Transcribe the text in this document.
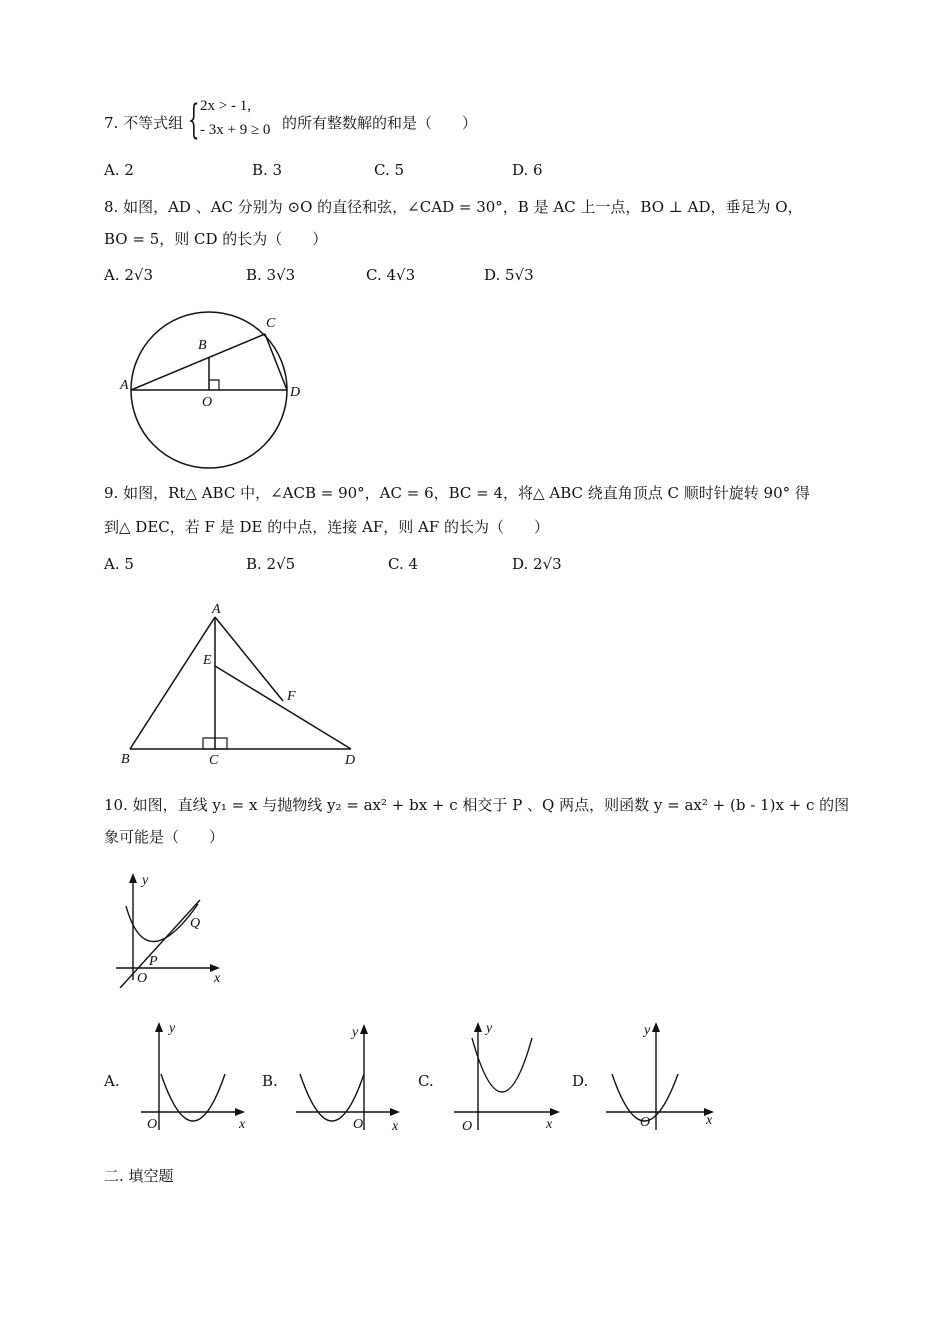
7. 不等式组 { 2x > - 1,
- 3x + 9 ≥ 0 的所有整数解的和是（　　）
A. 2	B. 3	C. 5	D. 6
8. 如图，AD 、AC 分别为 ⊙O 的直径和弦，∠CAD = 30°，B 是 AC 上一点，BO ⊥ AD，垂足为 O，
BO = 5，则 CD 的长为（　　）
A. 2√3	B. 3√3	C. 4√3	D. 5√3
A
B
C
D
O
9. 如图，Rt△ ABC 中，∠ACB = 90°，AC = 6，BC = 4，将△ ABC 绕直角顶点 C 顺时针旋转 90° 得
到△ DEC，若 F 是 DE 的中点，连接 AF，则 AF 的长为（　　）
A. 5	B. 2√5	C. 4	D. 2√3
A
E
F
B	C	D
10. 如图，直线 y₁ = x 与抛物线 y₂ = ax² + bx + c 相交于 P 、Q 两点，则函数 y = ax² + (b - 1)x + c 的图
象可能是（　　）
y
Q
P
O	x
A.
y
O	x
B.
y
O x
C.
y
O	x
D.
y
O	x
二. 填空题
